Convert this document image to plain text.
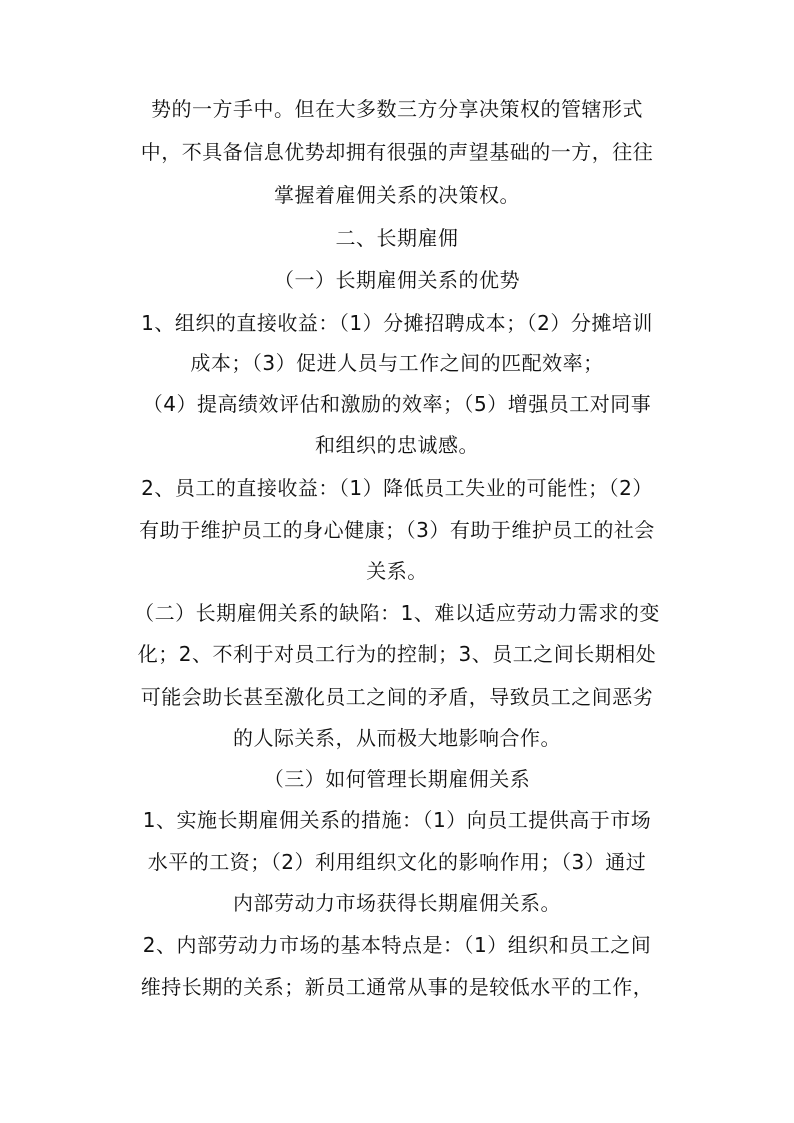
势的一方手中。但在大多数三方分享决策权的管辖形式
中，不具备信息优势却拥有很强的声望基础的一方，往往
掌握着雇佣关系的决策权。
二、长期雇佣
（一）长期雇佣关系的优势
1、组织的直接收益：（1）分摊招聘成本；（2）分摊培训
成本；（3）促进人员与工作之间的匹配效率；
（4）提高绩效评估和激励的效率；（5）增强员工对同事
和组织的忠诚感。
2、员工的直接收益：（1）降低员工失业的可能性；（2）
有助于维护员工的身心健康；（3）有助于维护员工的社会
关系。
（二）长期雇佣关系的缺陷：1、难以适应劳动力需求的变
化；2、不利于对员工行为的控制；3、员工之间长期相处
可能会助长甚至激化员工之间的矛盾，导致员工之间恶劣
的人际关系，从而极大地影响合作。
（三）如何管理长期雇佣关系
1、实施长期雇佣关系的措施：（1）向员工提供高于市场
水平的工资；（2）利用组织文化的影响作用；（3）通过
内部劳动力市场获得长期雇佣关系。
2、内部劳动力市场的基本特点是：（1）组织和员工之间
维持长期的关系；新员工通常从事的是较低水平的工作，
